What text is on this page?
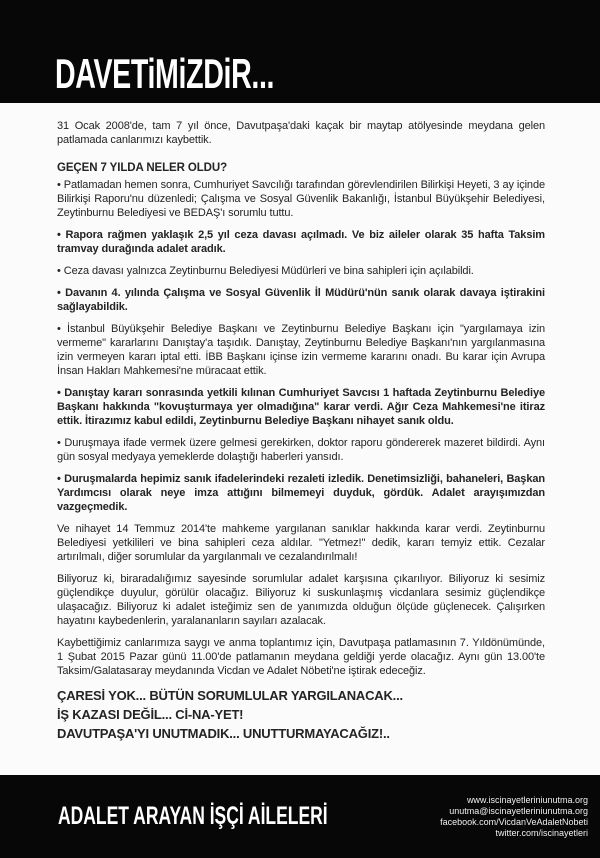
DAVETiMiZDiR...

31 Ocak 2008'de, tam 7 yıl önce, Davutpaşa'daki kaçak bir maytap atölyesinde meydana gelen patlamada canlarımızı kaybettik.

GEÇEN 7 YILDA NELER OLDU?

• Patlamadan hemen sonra, Cumhuriyet Savcılığı tarafından görevlendirilen Bilirkişi Heyeti, 3 ay içinde Bilirkişi Raporu'nu düzenledi; Çalışma ve Sosyal Güvenlik Bakanlığı, İstanbul Büyükşehir Belediyesi, Zeytinburnu Belediyesi ve BEDAŞ'ı sorumlu tuttu.

• Rapora rağmen yaklaşık 2,5 yıl ceza davası açılmadı. Ve biz aileler olarak 35 hafta Taksim tramvay durağında adalet aradık.

• Ceza davası yalnızca Zeytinburnu Belediyesi Müdürleri ve bina sahipleri için açılabildi.

• Davanın 4. yılında Çalışma ve Sosyal Güvenlik İl Müdürü'nün sanık olarak davaya iştirakini sağlayabildik.

• İstanbul Büyükşehir Belediye Başkanı ve Zeytinburnu Belediye Başkanı için "yargılamaya izin vermeme" kararlarını Danıştay'a taşıdık. Danıştay, Zeytinburnu Belediye Başkanı'nın yargılanmasına izin vermeyen kararı iptal etti. İBB Başkanı içinse izin vermeme kararını onadı. Bu karar için Avrupa İnsan Hakları Mahkemesi'ne müracaat ettik.

• Danıştay kararı sonrasında yetkili kılınan Cumhuriyet Savcısı 1 haftada Zeytinburnu Belediye Başkanı hakkında "kovuşturmaya yer olmadığına" karar verdi. Ağır Ceza Mahkemesi'ne itiraz ettik. İtirazımız kabul edildi, Zeytinburnu Belediye Başkanı nihayet sanık oldu.

• Duruşmaya ifade vermek üzere gelmesi gerekirken, doktor raporu göndererek mazeret bildirdi. Aynı gün sosyal medyaya yemeklerde dolaştığı haberleri yansıdı.

• Duruşmalarda hepimiz sanık ifadelerindeki rezaleti izledik. Denetimsizliği, bahaneleri, Başkan Yardımcısı olarak neye imza attığını bilmemeyi duyduk, gördük. Adalet arayışımızdan vazgeçmedik.

Ve nihayet 14 Temmuz 2014'te mahkeme yargılanan sanıklar hakkında karar verdi. Zeytinburnu Belediyesi yetkilileri ve bina sahipleri ceza aldılar. "Yetmez!" dedik, kararı temyiz ettik. Cezalar artırılmalı, diğer sorumlular da yargılanmalı ve cezalandırılmalı!

Biliyoruz ki, biraradalığımız sayesinde sorumlular adalet karşısına çıkarılıyor. Biliyoruz ki sesimiz güçlendikçe duyulur, görülür olacağız. Biliyoruz ki suskunlaşmış vicdanlara sesimiz güçlendikçe ulaşacağız. Biliyoruz ki adalet isteğimiz sen de yanımızda olduğun ölçüde güçlenecek. Çalışırken hayatını kaybedenlerin, yaralananların sayıları azalacak.

Kaybettiğimiz canlarımıza saygı ve anma toplantımız için, Davutpaşa patlamasının 7. Yıldönümünde, 1 Şubat 2015 Pazar günü 11.00'de patlamanın meydana geldiği yerde olacağız. Aynı gün 13.00'te Taksim/Galatasaray meydanında Vicdan ve Adalet Nöbeti'ne iştirak edeceğiz.

ÇARESİ YOK... BÜTÜN SORUMLULAR YARGILANACAK...

İŞ KAZASI DEĞİL... Cİ-NA-YET!

DAVUTPAŞA'YI UNUTMADIK... UNUTTURMAYACAĞIZ!..

ADALET ARAYAN İŞÇİ AİLELERİ
www.iscinayetleriniunutma.org
unutma@iscinayetleriniunutma.org
facebook.com/VicdanVeAdaletNobeti
twitter.com/iscinayetleri
